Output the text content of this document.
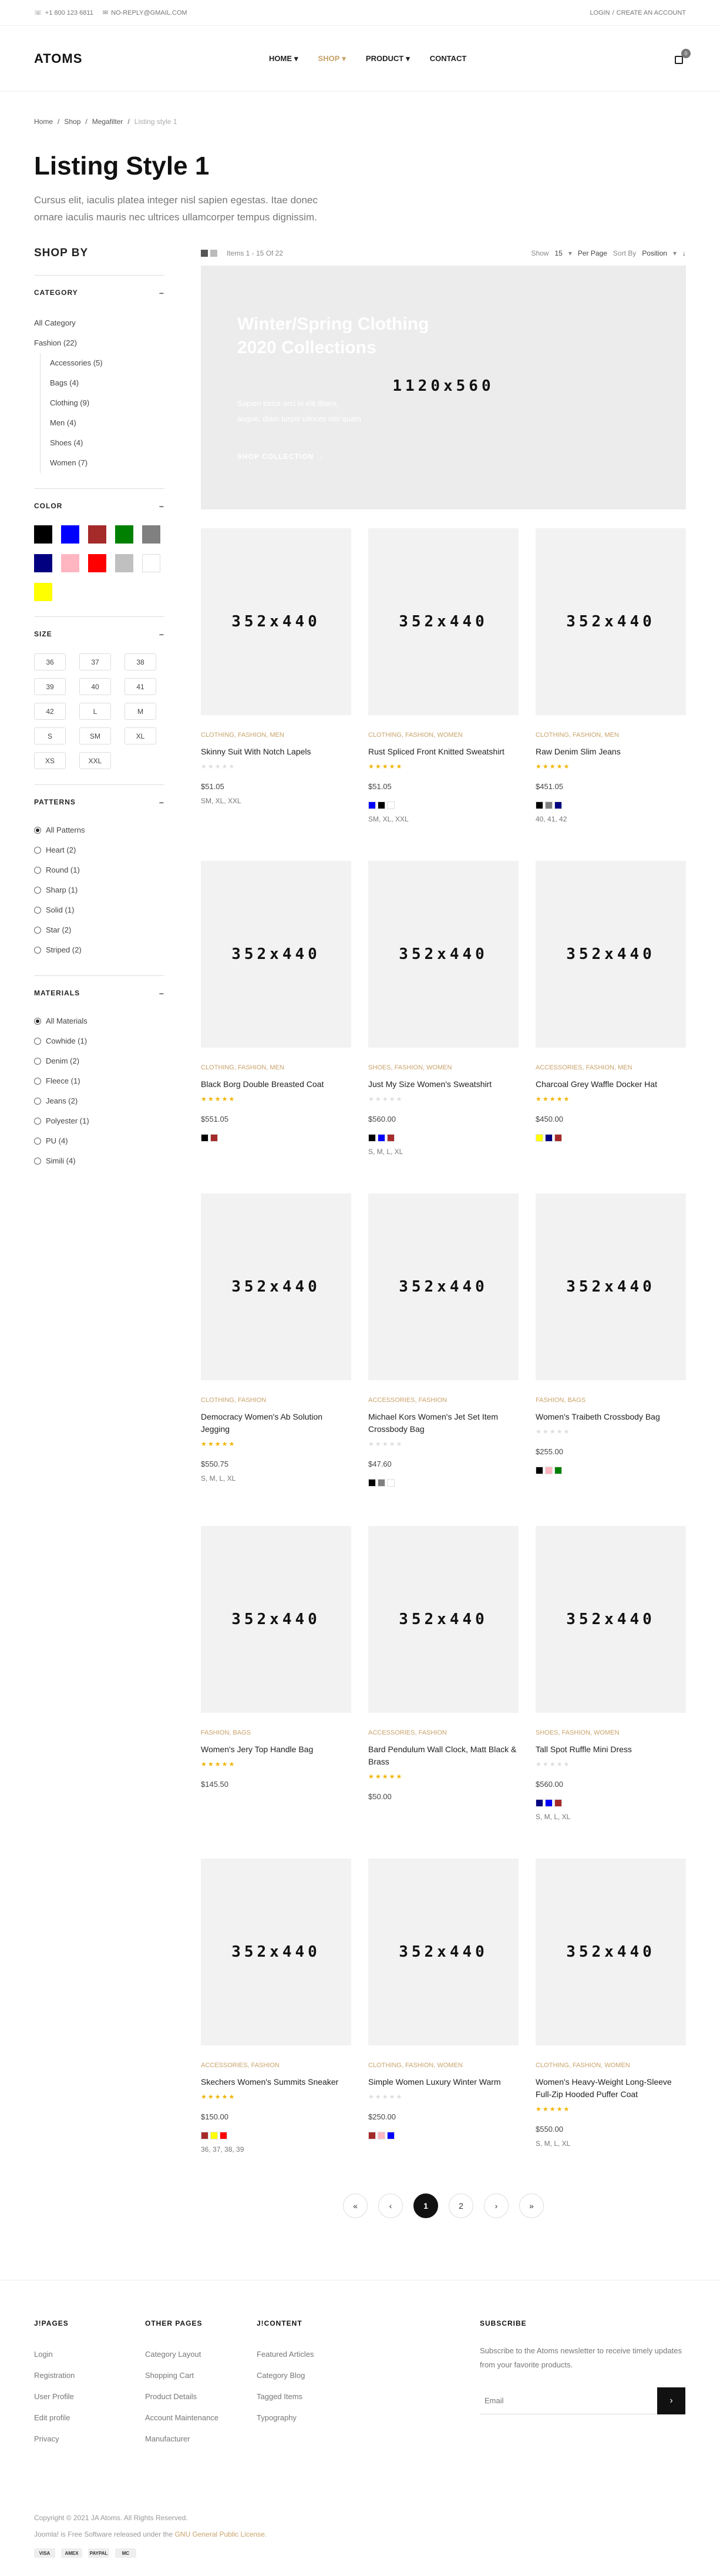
☏ +1 800 123 6811 ✉ NO-REPLY@GMAIL.COM	LOGIN / CREATE AN ACCOUNT
ATOMS	HOME ▾	SHOP ▾	PRODUCT ▾	CONTACT
0
Home / Shop / Megafilter / Listing style 1
Listing Style 1

Cursus elit, iaculis platea integer nisl sapien egestas. Itae donec ornare iaculis mauris nec ultrices ullamcorper tempus dignissim.

SHOP BY
CATEGORY	−
All Category
Fashion (22)
Accessories (5)
Bags (4)
Clothing (9)
Men (4)
Shoes (4)
Women (7)
COLOR	−
SIZE	−
36	37	38
39	40	41
42	L	M
S	SM	XL
XS	XXL
PATTERNS	−
All Patterns
Heart (2)
Round (1)
Sharp (1)
Solid (1)
Star (2)
Striped (2)
MATERIALS	−
All Materials
Cowhide (1)
Denim (2)
Fleece (1)
Jeans (2)
Polyester (1)
PU (4)
Simili (4)
Items 1 - 15 Of 22	Show 15 ▾ Per Page Sort By Position ▾ ↓
Winter/Spring Clothing
2020 Collections
1120x560
Sapien tortor orci in elit libero,
augue, diam turpis ultrices nisi quam
SHOP COLLECTION →
352x440
CLOTHING, FASHION, MEN
Skinny Suit With Notch Lapels
★★★★★
$51.05
SM, XL, XXL
352x440
CLOTHING, FASHION, WOMEN
Rust Spliced Front Knitted Sweatshirt
★★★★★
$51.05
SM, XL, XXL
352x440
CLOTHING, FASHION, MEN
Raw Denim Slim Jeans
★★★★★
$451.05
40, 41, 42
352x440
CLOTHING, FASHION, MEN
Black Borg Double Breasted Coat
★★★★★
$551.05
352x440
SHOES, FASHION, WOMEN
Just My Size Women's Sweatshirt
★★★★★
$560.00
S, M, L, XL
352x440
ACCESSORIES, FASHION, MEN
Charcoal Grey Waffle Docker Hat
★★★★★
$450.00
352x440
CLOTHING, FASHION
Democracy Women's Ab Solution Jegging
★★★★★
$550.75
S, M, L, XL
352x440
ACCESSORIES, FASHION
Michael Kors Women's Jet Set Item Crossbody Bag
★★★★★
$47.60
352x440
FASHION, BAGS
Women's Traibeth Crossbody Bag
★★★★★
$255.00
352x440
FASHION, BAGS
Women's Jery Top Handle Bag
★★★★★
$145.50
352x440
ACCESSORIES, FASHION
Bard Pendulum Wall Clock, Matt Black & Brass
★★★★★
$50.00
352x440
SHOES, FASHION, WOMEN
Tall Spot Ruffle Mini Dress
★★★★★
$560.00
S, M, L, XL
352x440
ACCESSORIES, FASHION
Skechers Women's Summits Sneaker
★★★★★
$150.00
36, 37, 38, 39
352x440
CLOTHING, FASHION, WOMEN
Simple Women Luxury Winter Warm
★★★★★
$250.00
352x440
CLOTHING, FASHION, WOMEN
Women's Heavy-Weight Long-Sleeve Full-Zip Hooded Puffer Coat
★★★★★
$550.00
S, M, L, XL
«	‹	1	2	›	»
J!PAGES
Login
Registration
User Profile
Edit profile
Privacy
OTHER PAGES
Category Layout
Shopping Cart
Product Details
Account Maintenance
Manufacturer
J!CONTENT
Featured Articles
Category Blog
Tagged Items
Typography
SUBSCRIBE

Subscribe to the Atoms newsletter to receive timely updates from your favorite products.

Email
›
Copyright © 2021 JA Atoms. All Rights Reserved.
Joomla! is Free Software released under the GNU General Public License.
VISA	AMEX	PAYPAL	MC
